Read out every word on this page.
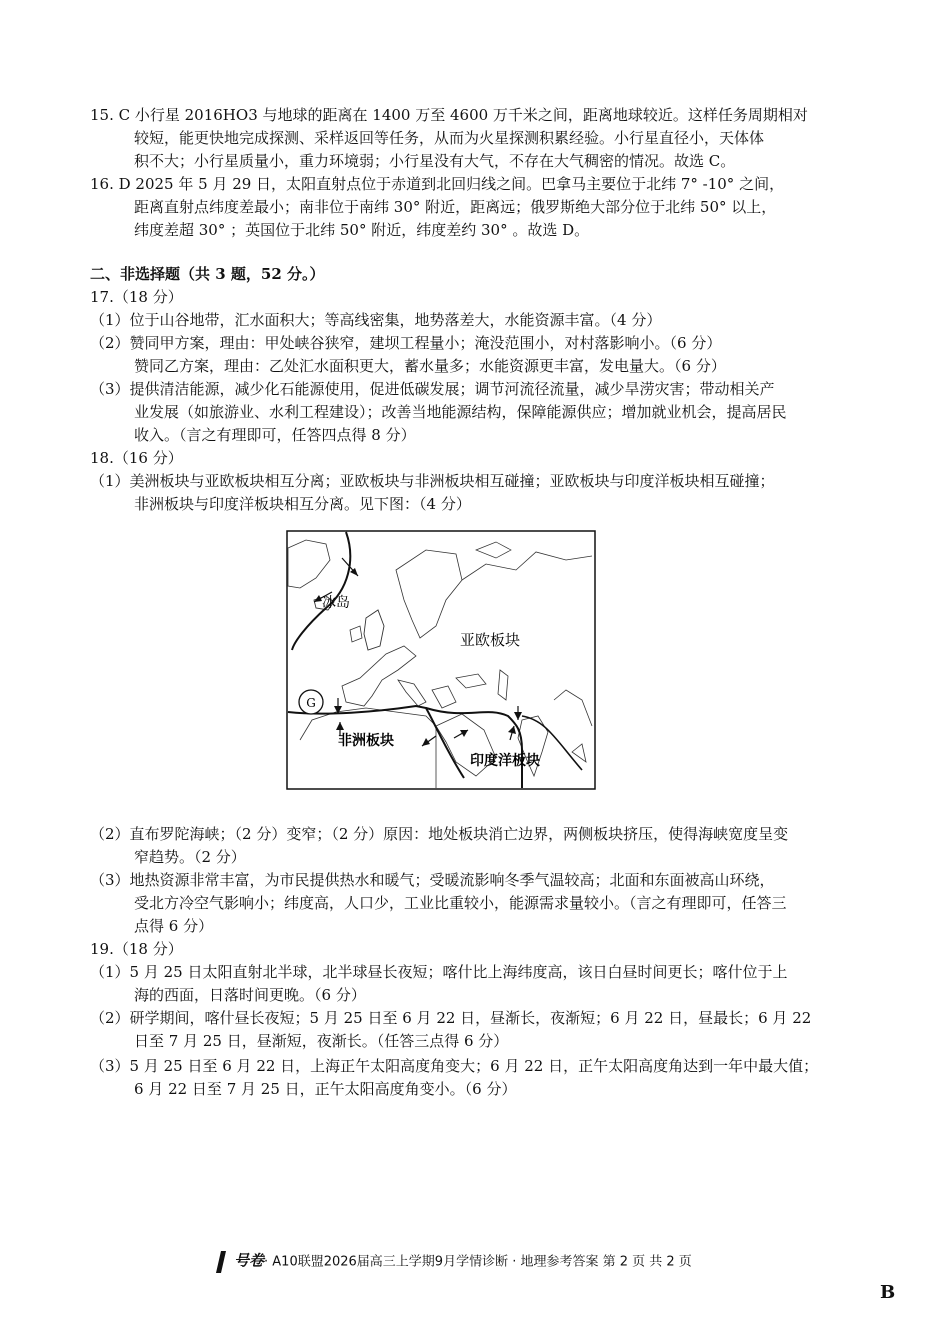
15. C 小行星 2016HO3 与地球的距离在 1400 万至 4600 万千米之间，距离地球较近。这样任务周期相对
较短，能更快地完成探测、采样返回等任务，从而为火星探测积累经验。小行星直径小，天体体
积不大；小行星质量小，重力环境弱；小行星没有大气，不存在大气稠密的情况。故选 C。
16. D 2025 年 5 月 29 日，太阳直射点位于赤道到北回归线之间。巴拿马主要位于北纬 7° -10° 之间，
距离直射点纬度差最小；南非位于南纬 30° 附近，距离远；俄罗斯绝大部分位于北纬 50° 以上，
纬度差超 30° ；英国位于北纬 50° 附近，纬度差约 30° 。故选 D。
二、非选择题（共 3 题，52 分。）
17.（18 分）
（1）位于山谷地带，汇水面积大；等高线密集，地势落差大，水能资源丰富。（4 分）
（2）赞同甲方案，理由：甲处峡谷狭窄，建坝工程量小；淹没范围小，对村落影响小。（6 分）
赞同乙方案，理由：乙处汇水面积更大，蓄水量多；水能资源更丰富，发电量大。（6 分）
（3）提供清洁能源，减少化石能源使用，促进低碳发展；调节河流径流量，减少旱涝灾害；带动相关产
业发展（如旅游业、水利工程建设）；改善当地能源结构，保障能源供应；增加就业机会，提高居民
收入。（言之有理即可，任答四点得 8 分）
18.（16 分）
（1）美洲板块与亚欧板块相互分离；亚欧板块与非洲板块相互碰撞；亚欧板块与印度洋板块相互碰撞；
非洲板块与印度洋板块相互分离。见下图：（4 分）
G
冰岛
亚欧板块
非洲板块
印度洋板块
（2）直布罗陀海峡；（2 分）变窄；（2 分）原因：地处板块消亡边界，两侧板块挤压，使得海峡宽度呈变
窄趋势。（2 分）
（3）地热资源非常丰富，为市民提供热水和暖气；受暖流影响冬季气温较高；北面和东面被高山环绕，
受北方冷空气影响小；纬度高，人口少，工业比重较小，能源需求量较小。（言之有理即可，任答三
点得 6 分）
19.（18 分）
（1）5 月 25 日太阳直射北半球，北半球昼长夜短；喀什比上海纬度高，该日白昼时间更长；喀什位于上
海的西面，日落时间更晚。（6 分）
（2）研学期间，喀什昼长夜短；5 月 25 日至 6 月 22 日，昼渐长，夜渐短；6 月 22 日，昼最长；6 月 22
日至 7 月 25 日，昼渐短，夜渐长。（任答三点得 6 分）
（3）5 月 25 日至 6 月 22 日，上海正午太阳高度角变大；6 月 22 日，正午太阳高度角达到一年中最大值；
6 月 22 日至 7 月 25 日，正午太阳高度角变小。（6 分）
号卷· A10联盟2026届高三上学期9月学情诊断 · 地理参考答案 第 2 页 共 2 页
B
